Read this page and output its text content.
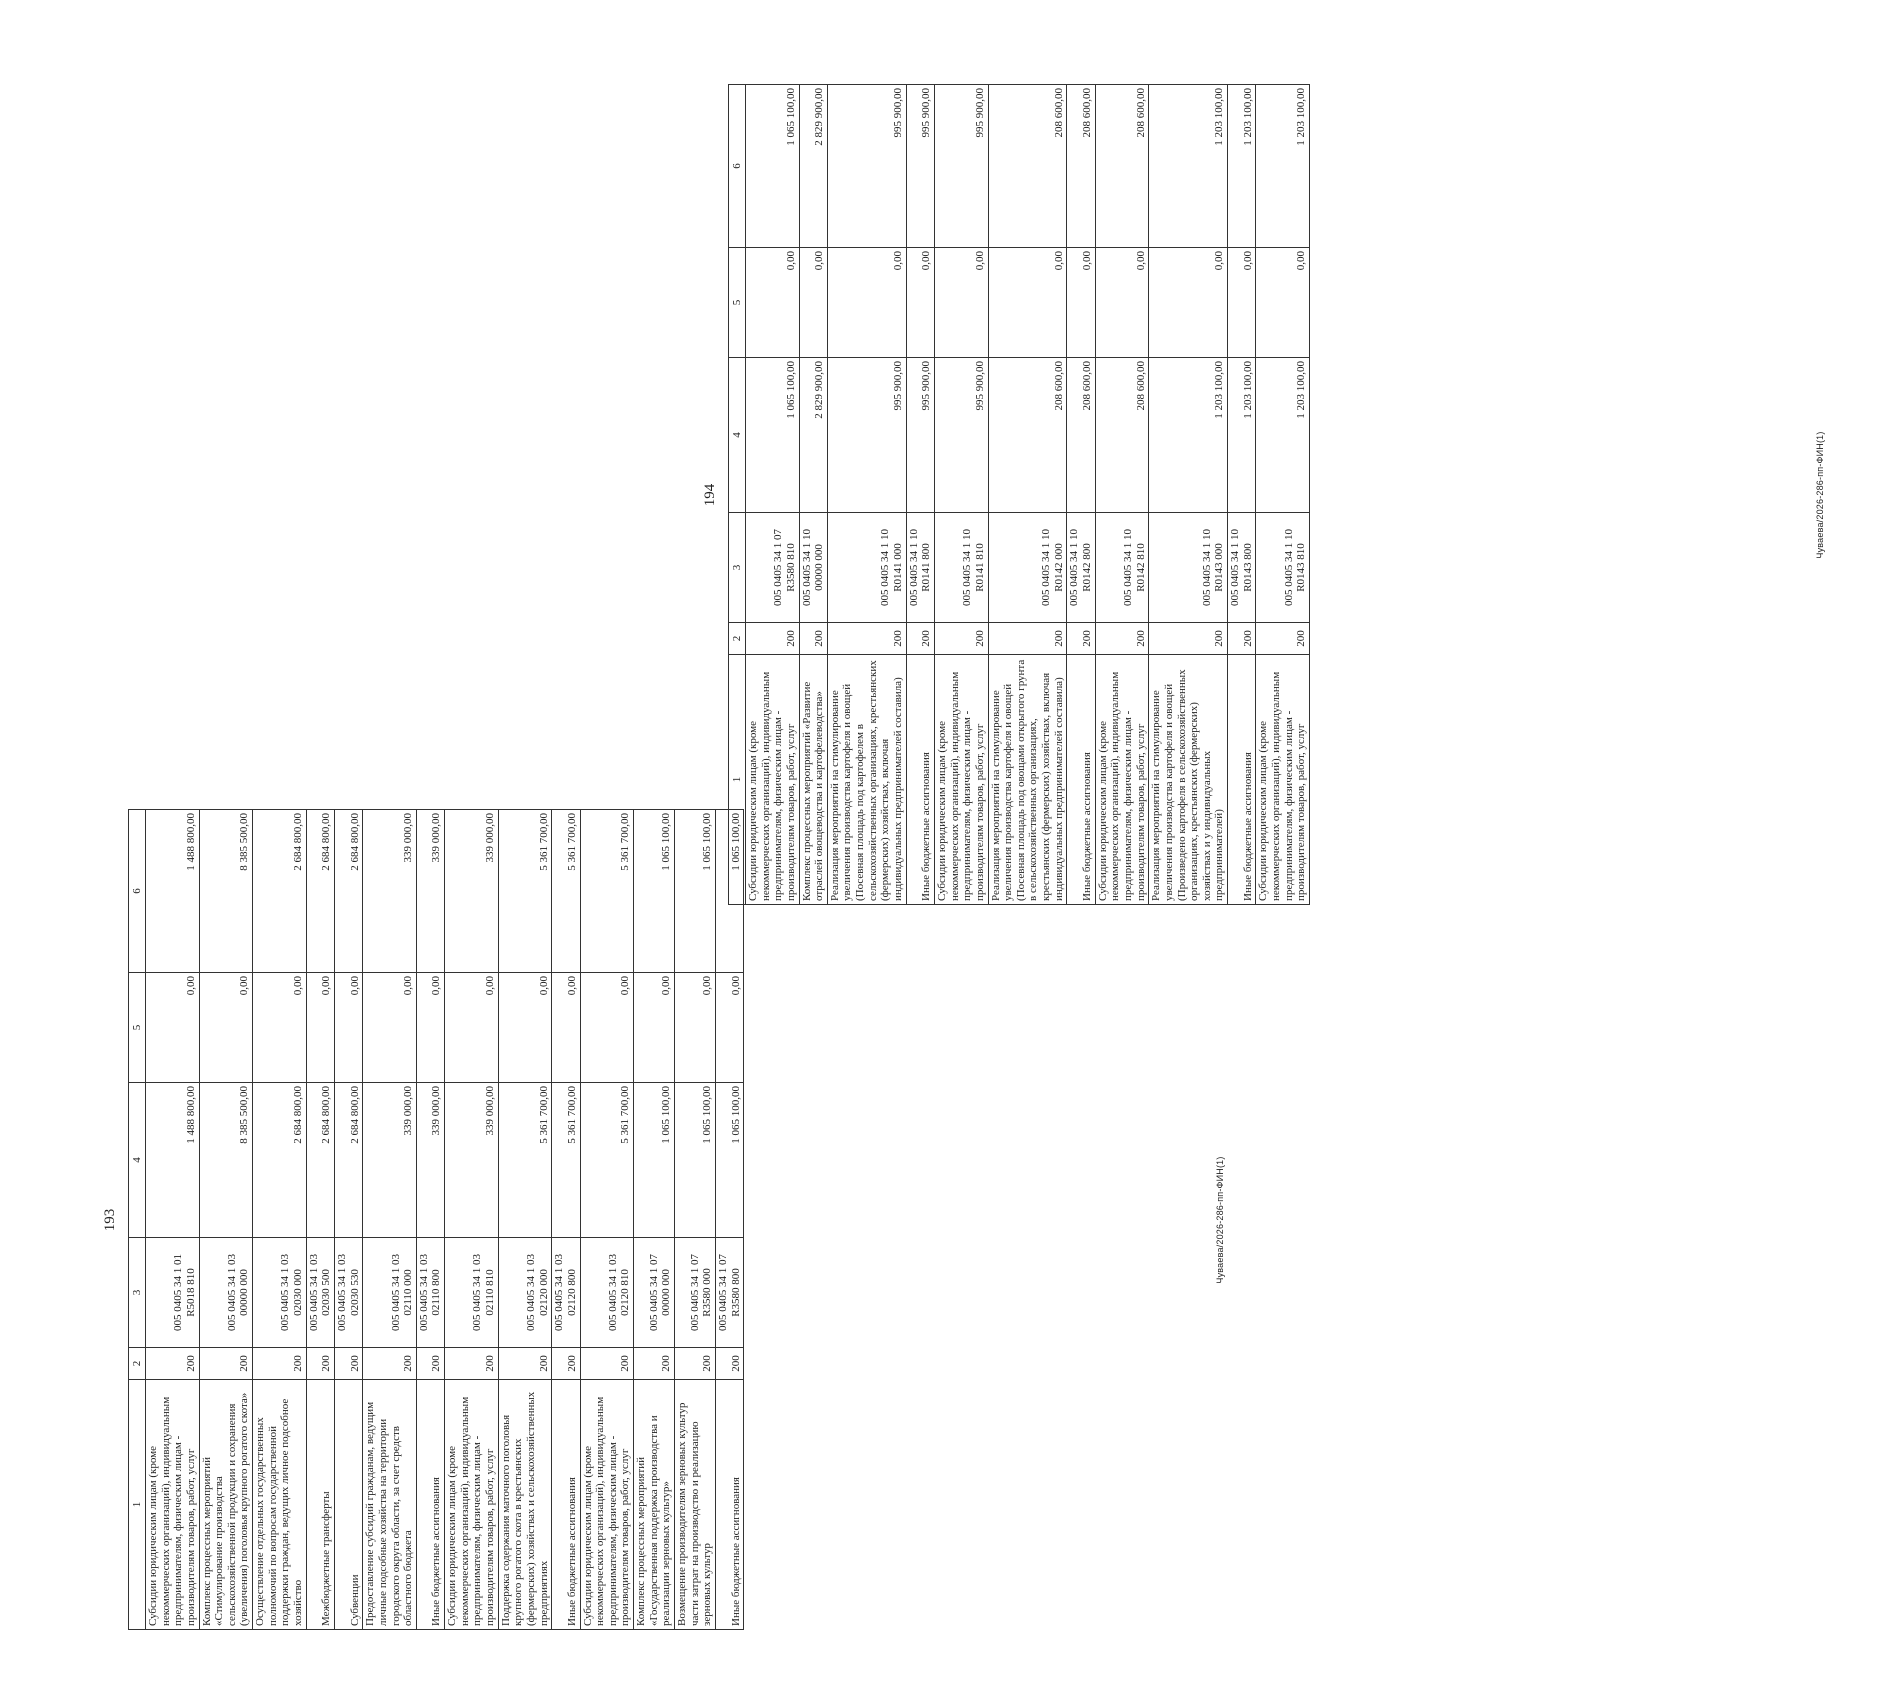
193
1	2	3	4	5	6
Субсидии юридическим лицам (кроме некоммерческих организаций), индивидуальным предпринимателям, физическим лицам - производителям товаров, работ, услуг	200	005 0405 34 1 01 R5018 810	1 488 800,00	0,00	1 488 800,00
Комплекс процессных мероприятий «Стимулирование производства сельскохозяйственной продукции и сохранения (увеличения) поголовья крупного рогатого скота»	200	005 0405 34 1 03 00000 000	8 385 500,00	0,00	8 385 500,00
Осуществление отдельных государственных полномочий по вопросам государственной поддержки граждан, ведущих личное подсобное хозяйство	200	005 0405 34 1 03 02030 000	2 684 800,00	0,00	2 684 800,00
Межбюджетные трансферты	200	005 0405 34 1 03 02030 500	2 684 800,00	0,00	2 684 800,00
Субвенции	200	005 0405 34 1 03 02030 530	2 684 800,00	0,00	2 684 800,00
Предоставление субсидий гражданам, ведущим личные подсобные хозяйства на территории городского округа области, за счет средств областного бюджета	200	005 0405 34 1 03 02110 000	339 000,00	0,00	339 000,00
Иные бюджетные ассигнования	200	005 0405 34 1 03 02110 800	339 000,00	0,00	339 000,00
Субсидии юридическим лицам (кроме некоммерческих организаций), индивидуальным предпринимателям, физическим лицам - производителям товаров, работ, услуг	200	005 0405 34 1 03 02110 810	339 000,00	0,00	339 000,00
Поддержка содержания маточного поголовья крупного рогатого скота в крестьянских (фермерских) хозяйствах и сельскохозяйственных предприятиях	200	005 0405 34 1 03 02120 000	5 361 700,00	0,00	5 361 700,00
Иные бюджетные ассигнования	200	005 0405 34 1 03 02120 800	5 361 700,00	0,00	5 361 700,00
Субсидии юридическим лицам (кроме некоммерческих организаций), индивидуальным предпринимателям, физическим лицам - производителям товаров, работ, услуг	200	005 0405 34 1 03 02120 810	5 361 700,00	0,00	5 361 700,00
Комплекс процессных мероприятий «Государственная поддержка производства и реализации зерновых культур»	200	005 0405 34 1 07 00000 000	1 065 100,00	0,00	1 065 100,00
Возмещение производителям зерновых культур части затрат на производство и реализацию зерновых культур	200	005 0405 34 1 07 R3580 000	1 065 100,00	0,00	1 065 100,00
Иные бюджетные ассигнования	200	005 0405 34 1 07 R3580 800	1 065 100,00	0,00	1 065 100,00
Чуваева/2026-286-пп-ФИН(1)
194
1	2	3	4	5	6
Субсидии юридическим лицам (кроме некоммерческих организаций), индивидуальным предпринимателям, физическим лицам - производителям товаров, работ, услуг	200	005 0405 34 1 07 R3580 810	1 065 100,00	0,00	1 065 100,00
Комплекс процессных мероприятий «Развитие отраслей овощеводства и картофелеводства»	200	005 0405 34 1 10 00000 000	2 829 900,00	0,00	2 829 900,00
Реализация мероприятий на стимулирование увеличения производства картофеля и овощей (Посевная площадь под картофелем в сельскохозяйственных организациях, крестьянских (фермерских) хозяйствах, включая индивидуальных предпринимателей составила)	200	005 0405 34 1 10 R0141 000	995 900,00	0,00	995 900,00
Иные бюджетные ассигнования	200	005 0405 34 1 10 R0141 800	995 900,00	0,00	995 900,00
Субсидии юридическим лицам (кроме некоммерческих организаций), индивидуальным предпринимателям, физическим лицам - производителям товаров, работ, услуг	200	005 0405 34 1 10 R0141 810	995 900,00	0,00	995 900,00
Реализация мероприятий на стимулирование увеличения производства картофеля и овощей (Посевная площадь под овощами открытого грунта в сельскохозяйственных организациях, крестьянских (фермерских) хозяйствах, включая индивидуальных предпринимателей составила)	200	005 0405 34 1 10 R0142 000	208 600,00	0,00	208 600,00
Иные бюджетные ассигнования	200	005 0405 34 1 10 R0142 800	208 600,00	0,00	208 600,00
Субсидии юридическим лицам (кроме некоммерческих организаций), индивидуальным предпринимателям, физическим лицам - производителям товаров, работ, услуг	200	005 0405 34 1 10 R0142 810	208 600,00	0,00	208 600,00
Реализация мероприятий на стимулирование увеличения производства картофеля и овощей (Произведено картофеля в сельскохозяйственных организациях, крестьянских (фермерских) хозяйствах и у индивидуальных предпринимателей)	200	005 0405 34 1 10 R0143 000	1 203 100,00	0,00	1 203 100,00
Иные бюджетные ассигнования	200	005 0405 34 1 10 R0143 800	1 203 100,00	0,00	1 203 100,00
Субсидии юридическим лицам (кроме некоммерческих организаций), индивидуальным предпринимателям, физическим лицам - производителям товаров, работ, услуг	200	005 0405 34 1 10 R0143 810	1 203 100,00	0,00	1 203 100,00
Чуваева/2026-286-пп-ФИН(1)
